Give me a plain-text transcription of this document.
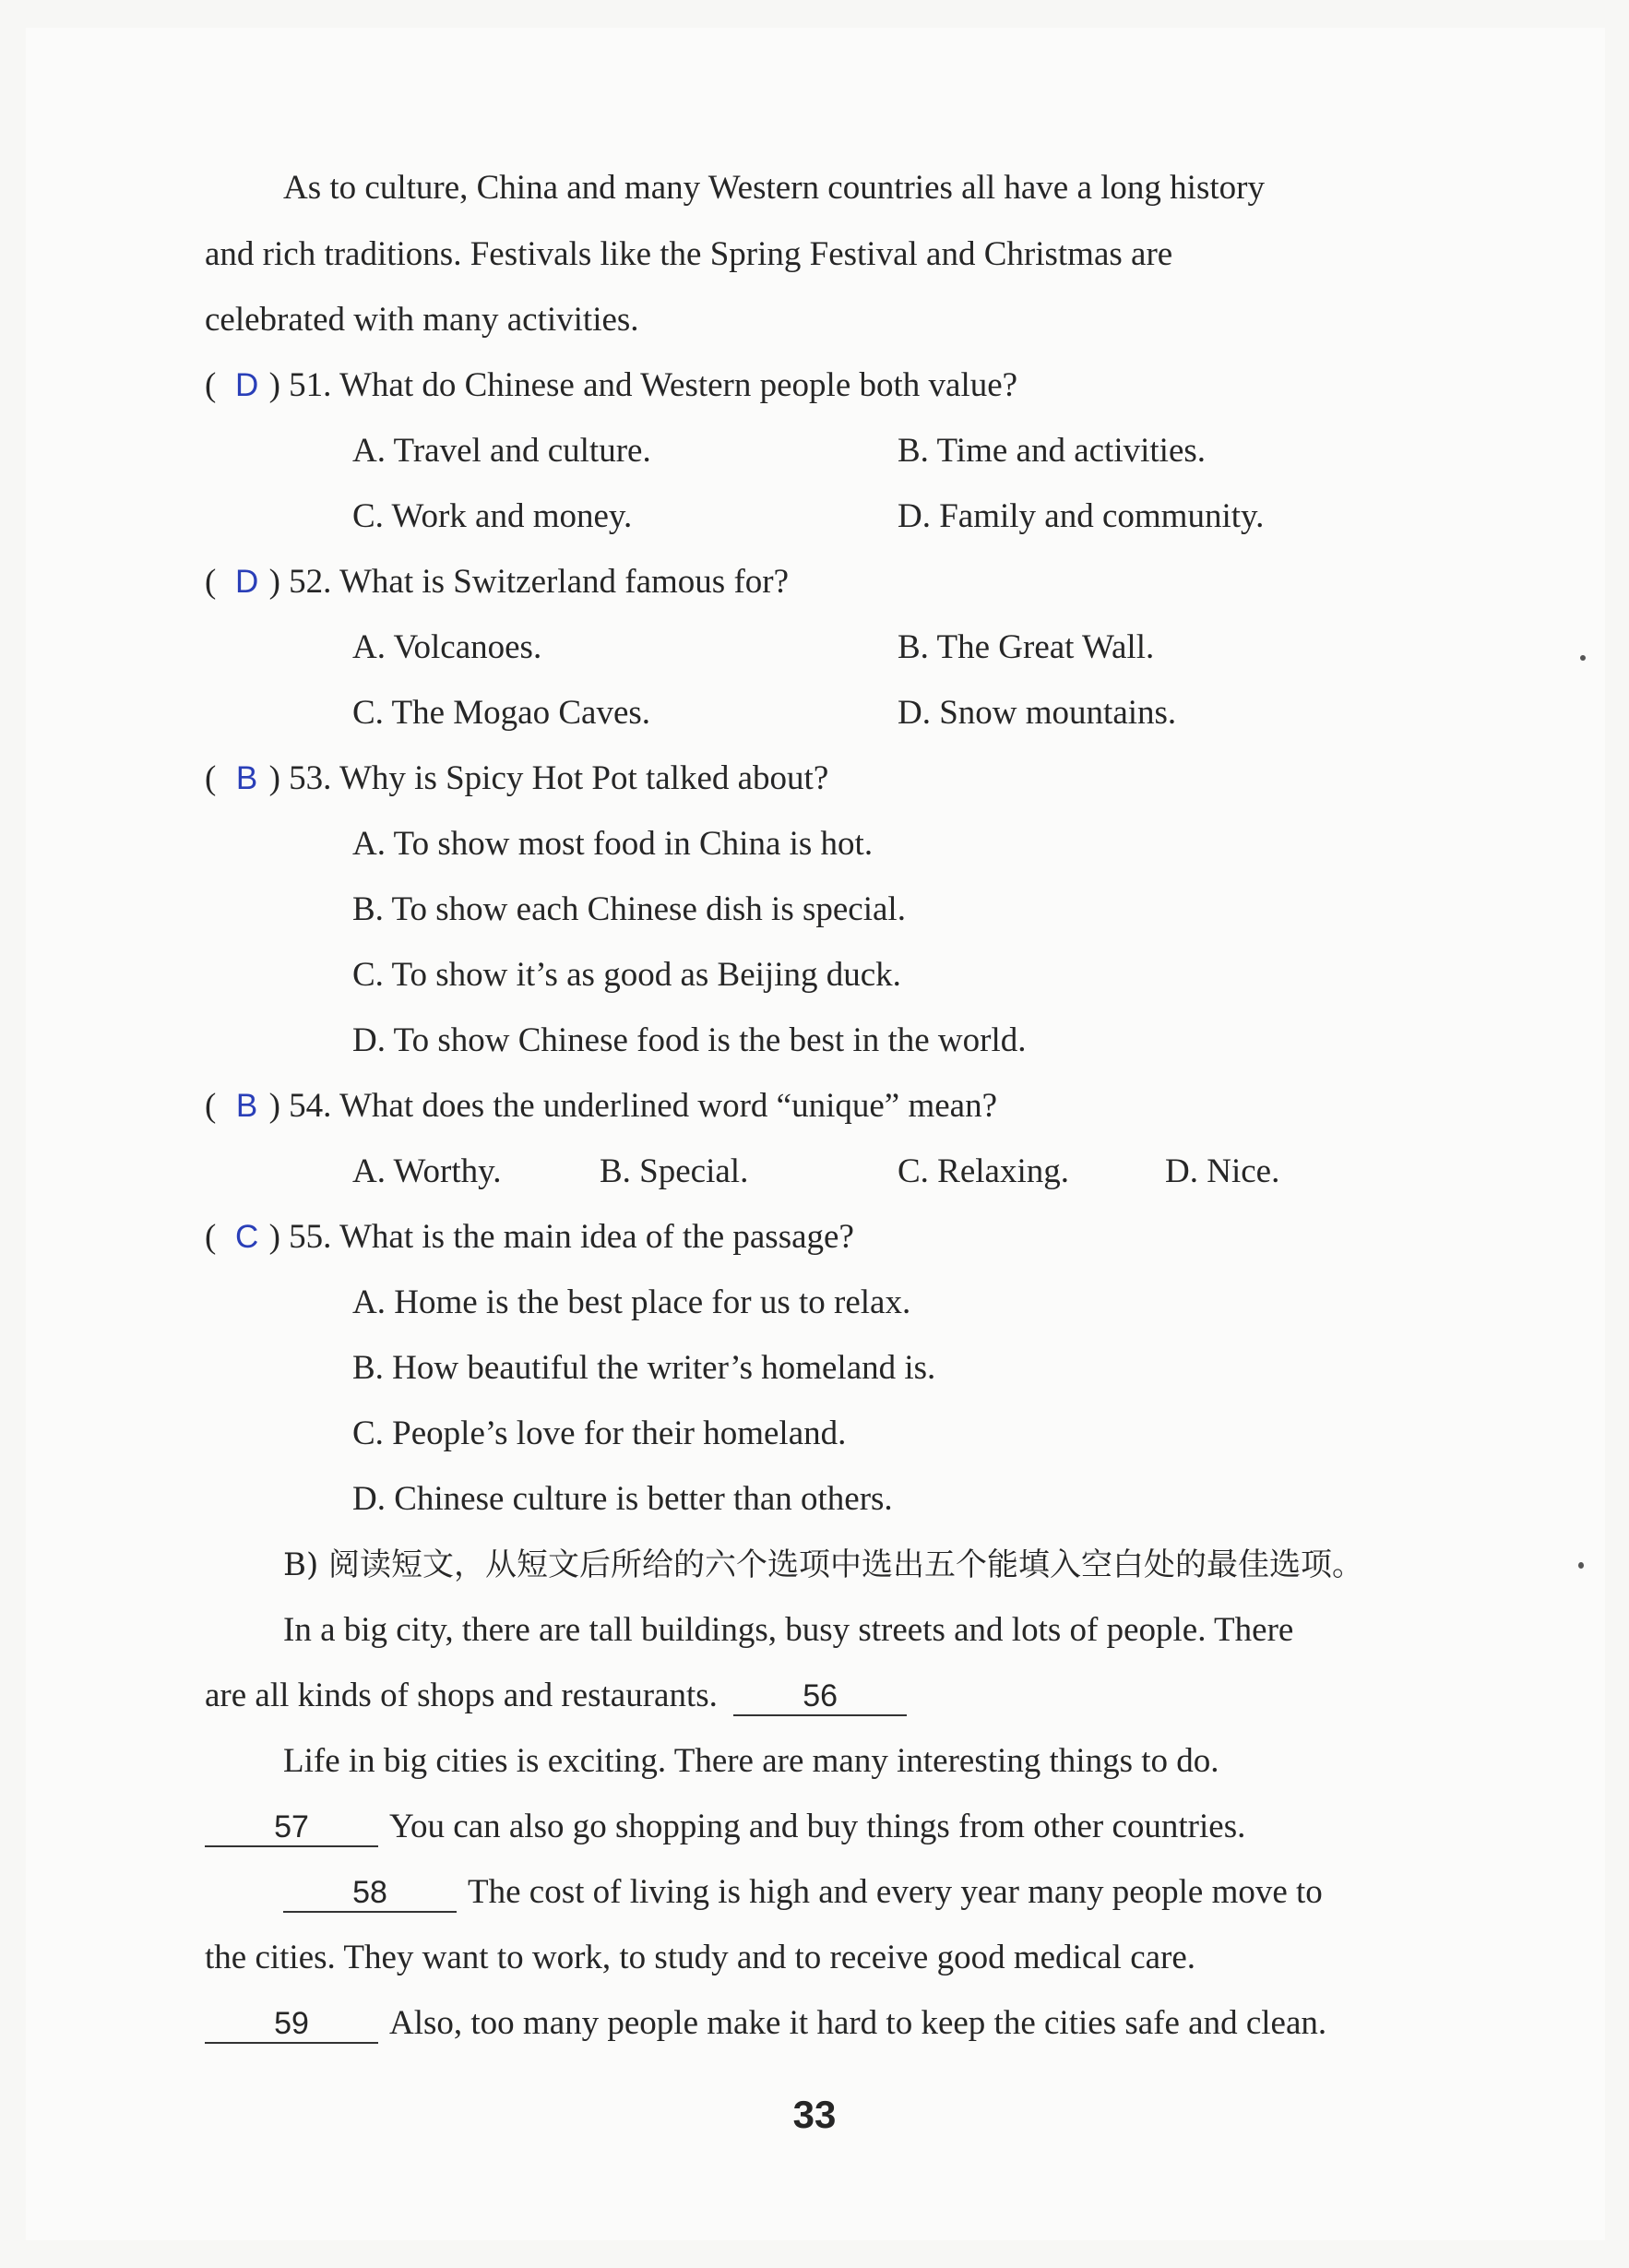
As to culture, China and many Western countries all have a long history
and rich traditions. Festivals like the Spring Festival and Christmas are
celebrated with many activities.
( D ) 51. What do Chinese and Western people both value?
A. Travel and culture.	B. Time and activities.
C. Work and money.	D. Family and community.
( D ) 52. What is Switzerland famous for?
A. Volcanoes.	B. The Great Wall.
C. The Mogao Caves.	D. Snow mountains.
( B ) 53. Why is Spicy Hot Pot talked about?
A. To show most food in China is hot.
B. To show each Chinese dish is special.
C. To show it’s as good as Beijing duck.
D. To show Chinese food is the best in the world.
( B ) 54. What does the underlined word “unique” mean?
A. Worthy.	B. Special.	C. Relaxing.	D. Nice.
( C ) 55. What is the main idea of the passage?
A. Home is the best place for us to relax.
B. How beautiful the writer’s homeland is.
C. People’s love for their homeland.
D. Chinese culture is better than others.
B) 阅读短文，从短文后所给的六个选项中选出五个能填入空白处的最佳选项。
In a big city, there are tall buildings, busy streets and lots of people. There
are all kinds of shops and restaurants.	56
Life in big cities is exciting. There are many interesting things to do.
57 You can also go shopping and buy things from other countries.
58 The cost of living is high and every year many people move to
the cities. They want to work, to study and to receive good medical care.
59 Also, too many people make it hard to keep the cities safe and clean.
33
